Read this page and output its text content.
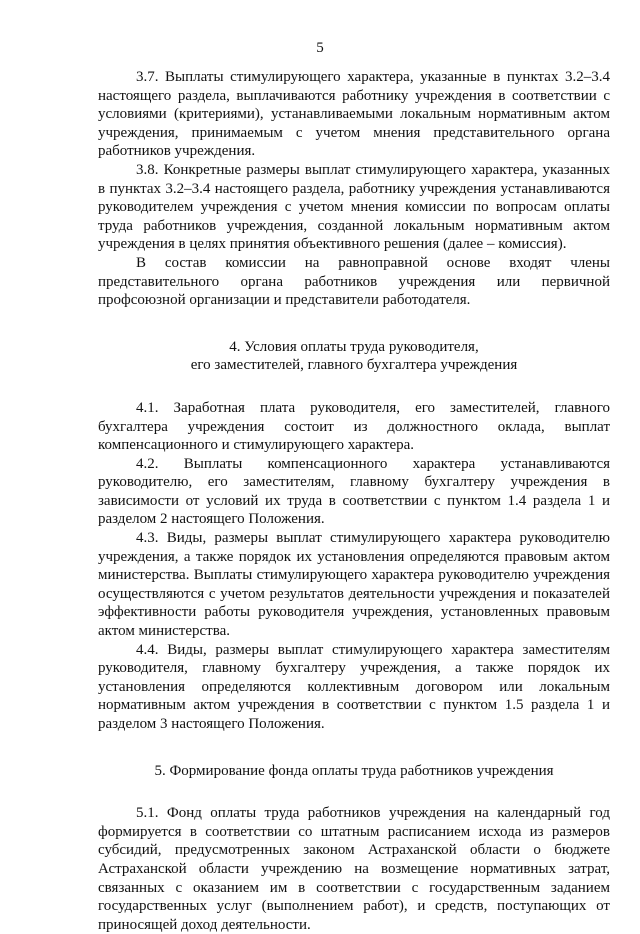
5

3.7. Выплаты стимулирующего характера, указанные в пунктах 3.2–3.4 настоящего раздела, выплачиваются работнику учреждения в соответствии с условиями (критериями), устанавливаемыми локальным нормативным актом учреждения, принимаемым с учетом мнения представительного органа работников учреждения.

3.8. Конкретные размеры выплат стимулирующего характера, указанных в пунктах 3.2–3.4 настоящего раздела, работнику учреждения устанавливаются руководителем учреждения с учетом мнения комиссии по вопросам оплаты труда работников учреждения, созданной локальным нормативным актом учреждения в целях принятия объективного решения (далее – комиссия).

В состав комиссии на равноправной основе входят члены представительного органа работников учреждения или первичной профсоюзной организации и представители работодателя.

4. Условия оплаты труда руководителя,
его заместителей, главного бухгалтера учреждения

4.1. Заработная плата руководителя, его заместителей, главного бухгалтера учреждения состоит из должностного оклада, выплат компенсационного и стимулирующего характера.

4.2. Выплаты компенсационного характера устанавливаются руководителю, его заместителям, главному бухгалтеру учреждения в зависимости от условий их труда в соответствии с пунктом 1.4 раздела 1 и разделом 2 настоящего Положения.

4.3. Виды, размеры выплат стимулирующего характера руководителю учреждения, а также порядок их установления определяются правовым актом министерства. Выплаты стимулирующего характера руководителю учреждения осуществляются с учетом результатов деятельности учреждения и показателей эффективности работы руководителя учреждения, установленных правовым актом министерства.

4.4. Виды, размеры выплат стимулирующего характера заместителям руководителя, главному бухгалтеру учреждения, а также порядок их установления определяются коллективным договором или локальным нормативным актом учреждения в соответствии с пунктом 1.5 раздела 1 и разделом 3 настоящего Положения.

5. Формирование фонда оплаты труда работников учреждения

5.1. Фонд оплаты труда работников учреждения на календарный год формируется в соответствии со штатным расписанием исхода из размеров субсидий, предусмотренных законом Астраханской области о бюджете Астраханской области учреждению на возмещение нормативных затрат, связанных с оказанием им в соответствии с государственным заданием государственных услуг (выполнением работ), и средств, поступающих от приносящей доход деятельности.
